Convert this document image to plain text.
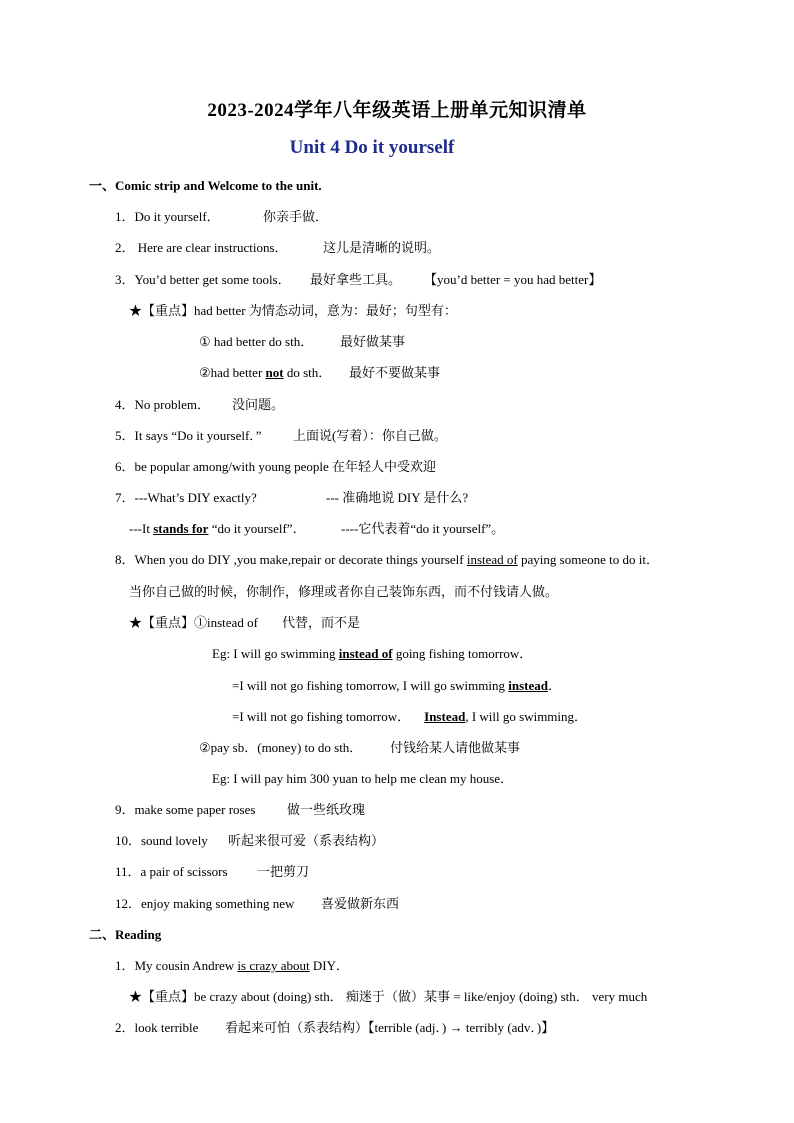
2023-2024学年八年级英语上册单元知识清单
Unit 4 Do it yourself
一、Comic strip and Welcome to the unit.
1．Do it yourself．	你亲手做．
2． Here are clear instructions．	这儿是清晰的说明。
3．You’d better get some tools． 最好拿些工具。 【you’d better = you had better】
★【重点】had better 为情态动词，意为：最好；句型有：
① had better do sth． 最好做某事
②had better not do sth． 最好不要做某事
4．No problem． 没问题。
5．It says “Do it yourself．” 上面说(写着）：你自己做。
6．be popular among/with young people 在年轻人中受欢迎
7．---What’s DIY exactly?	--- 准确地说 DIY 是什么?
---It stands for “do it yourself”．	----它代表着“do it yourself”。
8．When you do DIY ,you make,repair or decorate things yourself instead of paying someone to do it．
当你自己做的时候，你制作，修理或者你自己装饰东西，而不付钱请人做。
★【重点】①instead of 代替，而不是
Eg: I will go swimming instead of going fishing tomorrow．
=I will not go fishing tomorrow, I will go swimming instead．
=I will not go fishing tomorrow． Instead, I will go swimming．
②pay sb．(money) to do sth． 付钱给某人请他做某事
Eg: I will pay him 300 yuan to help me clean my house．
9．make some paper roses 做一些纸玫瑰
10．sound lovely 听起来很可爱（系表结构）
11．a pair of scissors 一把剪刀
12．enjoy making something new 喜爱做新东西
二、Reading
1．My cousin Andrew is crazy about DIY．
★【重点】be crazy about (doing) sth． 痴迷于（做）某事 = like/enjoy (doing) sth． very much
2．look terrible 看起来可怕（系表结构）【terrible (adj．) → terribly (adv．)】
